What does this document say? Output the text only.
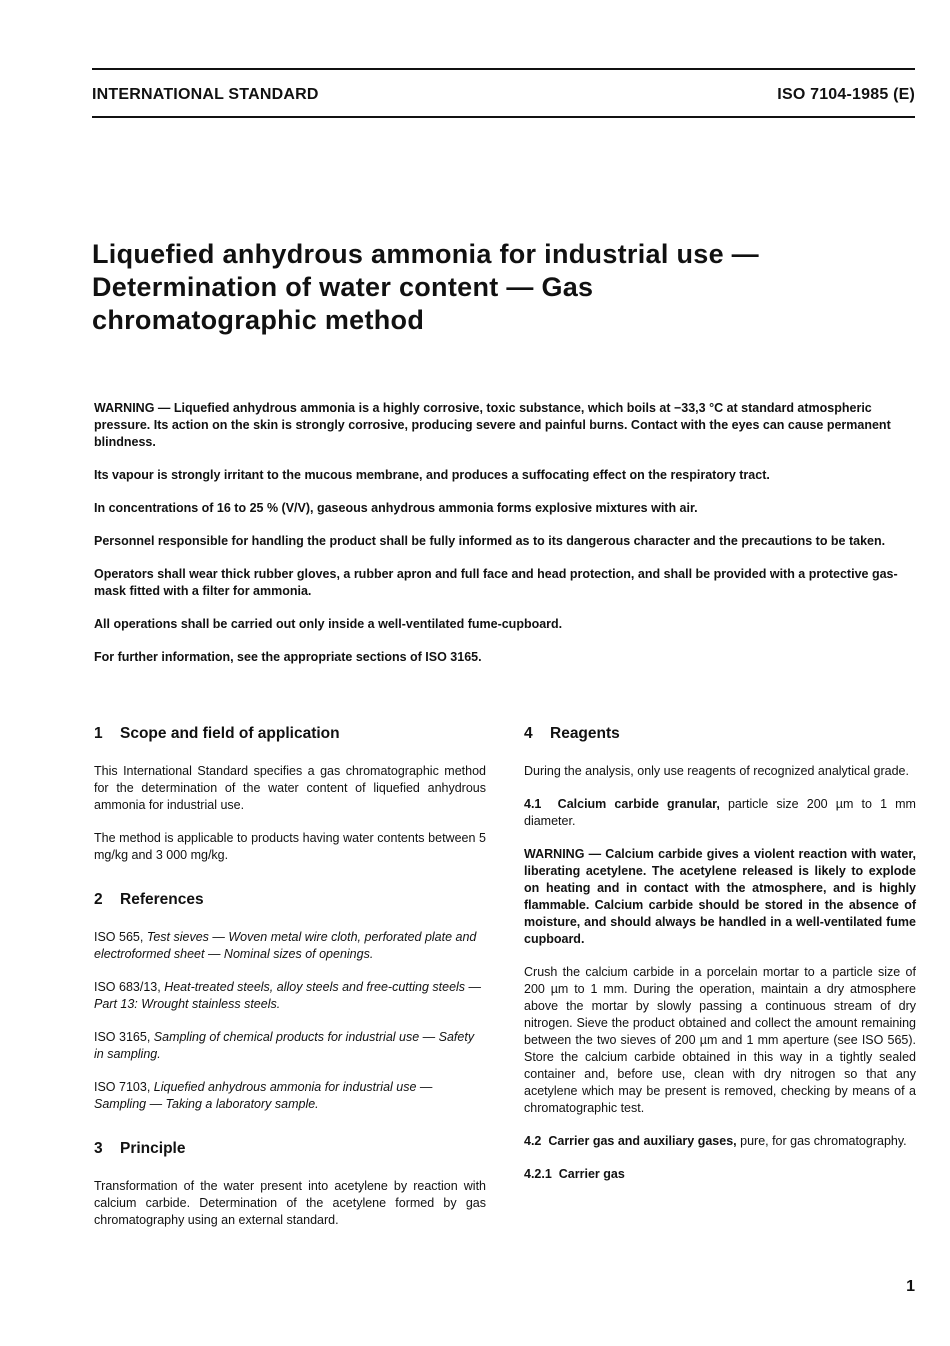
INTERNATIONAL STANDARD	ISO 7104-1985 (E)
Liquefied anhydrous ammonia for industrial use —
Determination of water content — Gas
chromatographic method

WARNING — Liquefied anhydrous ammonia is a highly corrosive, toxic substance, which boils at −33,3 °C at standard atmospheric pressure. Its action on the skin is strongly corrosive, producing severe and painful burns. Contact with the eyes can cause permanent blindness.

Its vapour is strongly irritant to the mucous membrane, and produces a suffocating effect on the respiratory tract.

In concentrations of 16 to 25 % (V/V), gaseous anhydrous ammonia forms explosive mixtures with air.

Personnel responsible for handling the product shall be fully informed as to its dangerous character and the precautions to be taken.

Operators shall wear thick rubber gloves, a rubber apron and full face and head protection, and shall be provided with a protective gas-mask fitted with a filter for ammonia.

All operations shall be carried out only inside a well-ventilated fume-cupboard.

For further information, see the appropriate sections of ISO 3165.

1 Scope and field of application

This International Standard specifies a gas chromatographic method for the determination of the water content of liquefied anhydrous ammonia for industrial use.

The method is applicable to products having water contents between 5 mg/kg and 3 000 mg/kg.

2 References
ISO 565, Test sieves — Woven metal wire cloth, perforated plate and electroformed sheet — Nominal sizes of openings.
ISO 683/13, Heat-treated steels, alloy steels and free-cutting steels — Part 13: Wrought stainless steels.
ISO 3165, Sampling of chemical products for industrial use — Safety in sampling.
ISO 7103, Liquefied anhydrous ammonia for industrial use — Sampling — Taking a laboratory sample.
3 Principle

Transformation of the water present into acetylene by reaction with calcium carbide. Determination of the acetylene formed by gas chromatography using an external standard.

4 Reagents

During the analysis, only use reagents of recognized analytical grade.

4.1 Calcium carbide granular, particle size 200 µm to 1 mm diameter.

WARNING — Calcium carbide gives a violent reaction with water, liberating acetylene. The acetylene released is likely to explode on heating and in contact with the atmosphere, and is highly flammable. Calcium carbide should be stored in the absence of moisture, and should always be handled in a well-ventilated fume cupboard.

Crush the calcium carbide in a porcelain mortar to a particle size of 200 µm to 1 mm. During the operation, maintain a dry atmosphere above the mortar by slowly passing a continuous stream of dry nitrogen. Sieve the product obtained and collect the amount remaining between the two sieves of 200 µm and 1 mm aperture (see ISO 565). Store the calcium carbide obtained in this way in a tightly sealed container and, before use, clean with dry nitrogen so that any acetylene which may be present is removed, checking by means of a chromatographic test.

4.2 Carrier gas and auxiliary gases, pure, for gas chromatography.

4.2.1 Carrier gas

1
